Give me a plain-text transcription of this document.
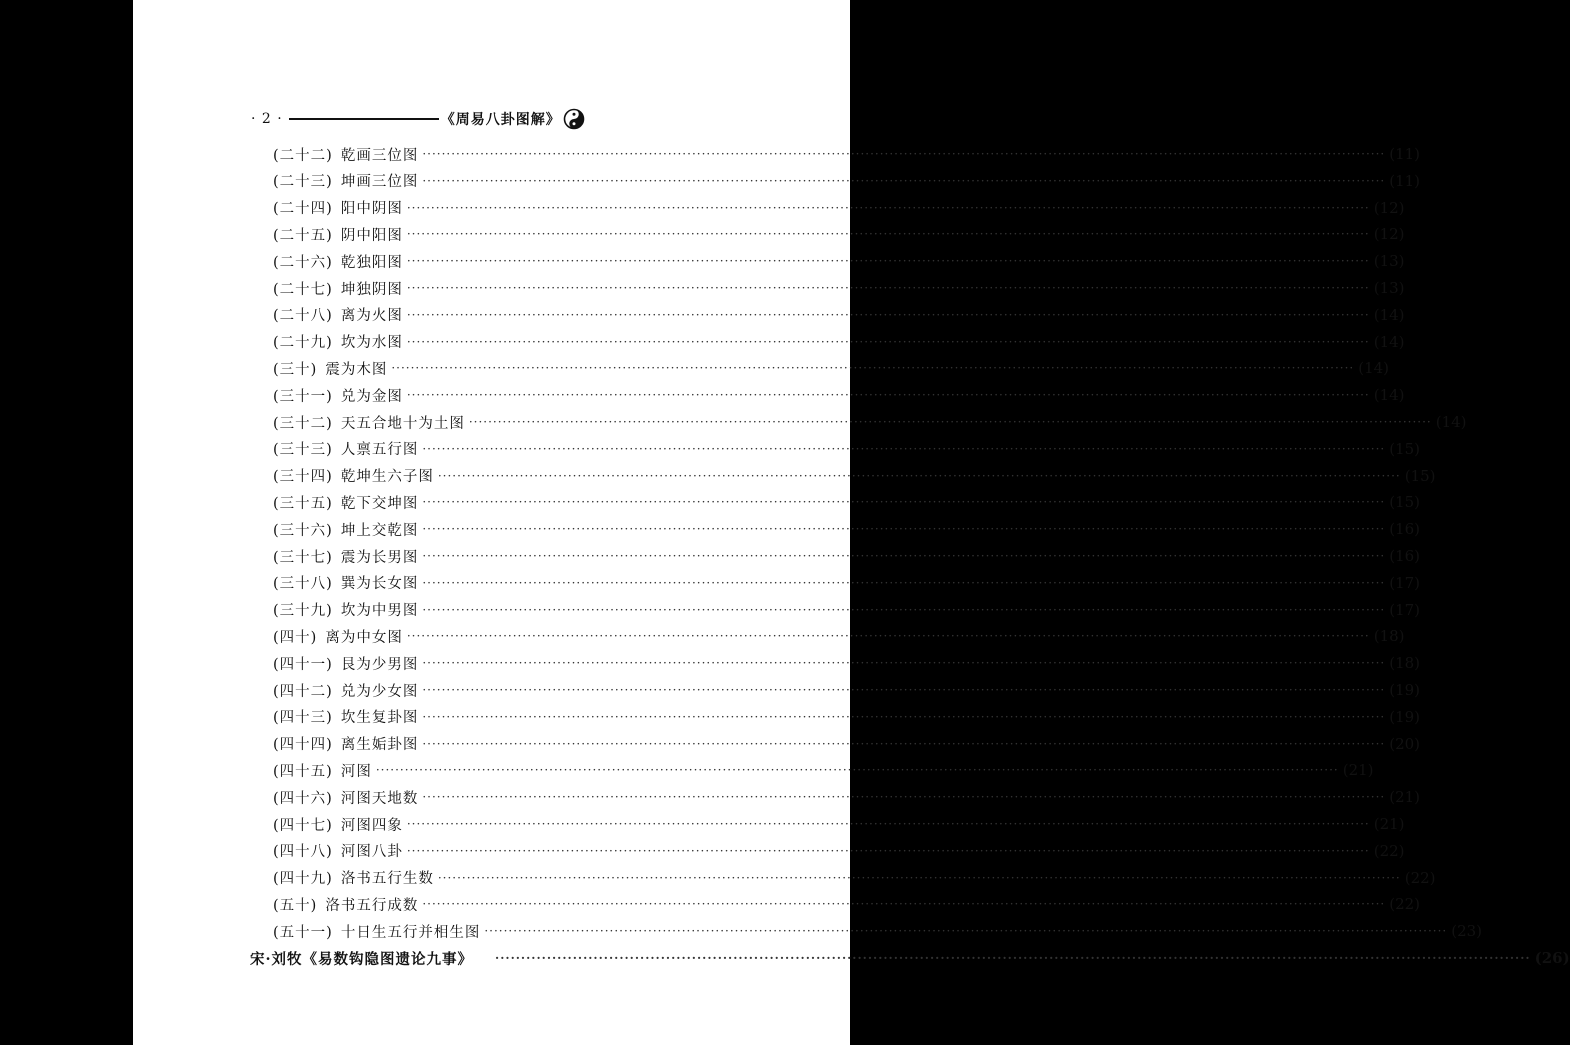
· 2 ·	《周易八卦图解》
(二十二) 乾画三位图 ········································································································································································································ (11)
(二十三) 坤画三位图 ········································································································································································································ (11)
(二十四) 阳中阴图 ········································································································································································································ (12)
(二十五) 阴中阳图 ········································································································································································································ (12)
(二十六) 乾独阳图 ········································································································································································································ (13)
(二十七) 坤独阴图 ········································································································································································································ (13)
(二十八) 离为火图 ········································································································································································································ (14)
(二十九) 坎为水图 ········································································································································································································ (14)
(三十) 震为木图 ········································································································································································································ (14)
(三十一) 兑为金图 ········································································································································································································ (14)
(三十二) 天五合地十为土图 ········································································································································································································ (14)
(三十三) 人禀五行图 ········································································································································································································ (15)
(三十四) 乾坤生六子图 ········································································································································································································ (15)
(三十五) 乾下交坤图 ········································································································································································································ (15)
(三十六) 坤上交乾图 ········································································································································································································ (16)
(三十七) 震为长男图 ········································································································································································································ (16)
(三十八) 巽为长女图 ········································································································································································································ (17)
(三十九) 坎为中男图 ········································································································································································································ (17)
(四十) 离为中女图 ········································································································································································································ (18)
(四十一) 艮为少男图 ········································································································································································································ (18)
(四十二) 兑为少女图 ········································································································································································································ (19)
(四十三) 坎生复卦图 ········································································································································································································ (19)
(四十四) 离生姤卦图 ········································································································································································································ (20)
(四十五) 河图 ········································································································································································································ (21)
(四十六) 河图天地数 ········································································································································································································ (21)
(四十七) 河图四象 ········································································································································································································ (21)
(四十八) 河图八卦 ········································································································································································································ (22)
(四十九) 洛书五行生数 ········································································································································································································ (22)
(五十) 洛书五行成数 ········································································································································································································ (22)
(五十一) 十日生五行并相生图 ········································································································································································································ (23)
宋·刘牧《易数钩隐图遗论九事》 ········································································································································································································ (26)
